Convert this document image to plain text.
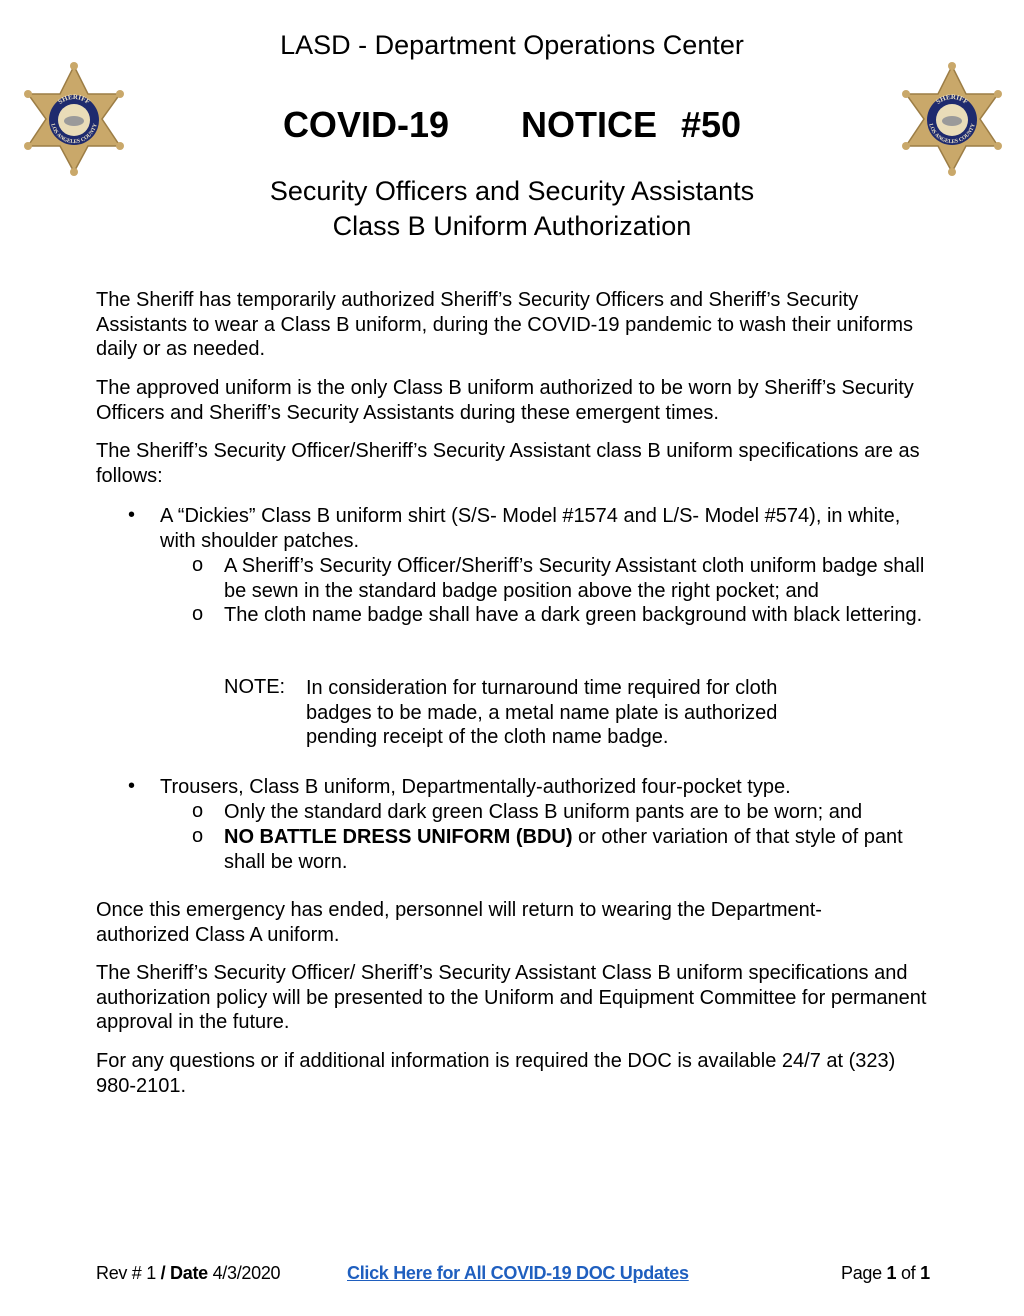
SHERIFF
LOS ANGELES COUNTY
SHERIFF
LOS ANGELES COUNTY
LASD - Department Operations Center
COVID-19   NOTICE #50
Security Officers and Security Assistants
Class B Uniform Authorization
The Sheriff has temporarily authorized Sheriff’s Security Officers and Sheriff’s Security Assistants to wear a Class B uniform, during the COVID-19 pandemic to wash their uniforms daily or as needed.
The approved uniform is the only Class B uniform authorized to be worn by Sheriff’s Security Officers and Sheriff’s Security Assistants during these emergent times.
The Sheriff’s Security Officer/Sheriff’s Security Assistant class B uniform specifications are as follows:
• A “Dickies” Class B uniform shirt (S/S- Model #1574 and L/S- Model #574), in white, with shoulder patches.
o A Sheriff’s Security Officer/Sheriff’s Security Assistant cloth uniform badge shall be sewn in the standard badge position above the right pocket; and
o The cloth name badge shall have a dark green background with black lettering.
NOTE: In consideration for turnaround time required for cloth badges to be made, a metal name plate is authorized pending receipt of the cloth name badge.
• Trousers, Class B uniform, Departmentally-authorized four-pocket type.
o Only the standard dark green Class B uniform pants are to be worn; and
o NO BATTLE DRESS UNIFORM (BDU) or other variation of that style of pant shall be worn.
Once this emergency has ended, personnel will return to wearing the Department-authorized Class A uniform.
The Sheriff’s Security Officer/ Sheriff’s Security Assistant Class B uniform specifications and authorization policy will be presented to the Uniform and Equipment Committee for permanent approval in the future.
For any questions or if additional information is required the DOC is available 24/7 at (323) 980-2101.
Rev # 1 / Date 4/3/2020	Click Here for All COVID-19 DOC Updates	Page 1 of 1
